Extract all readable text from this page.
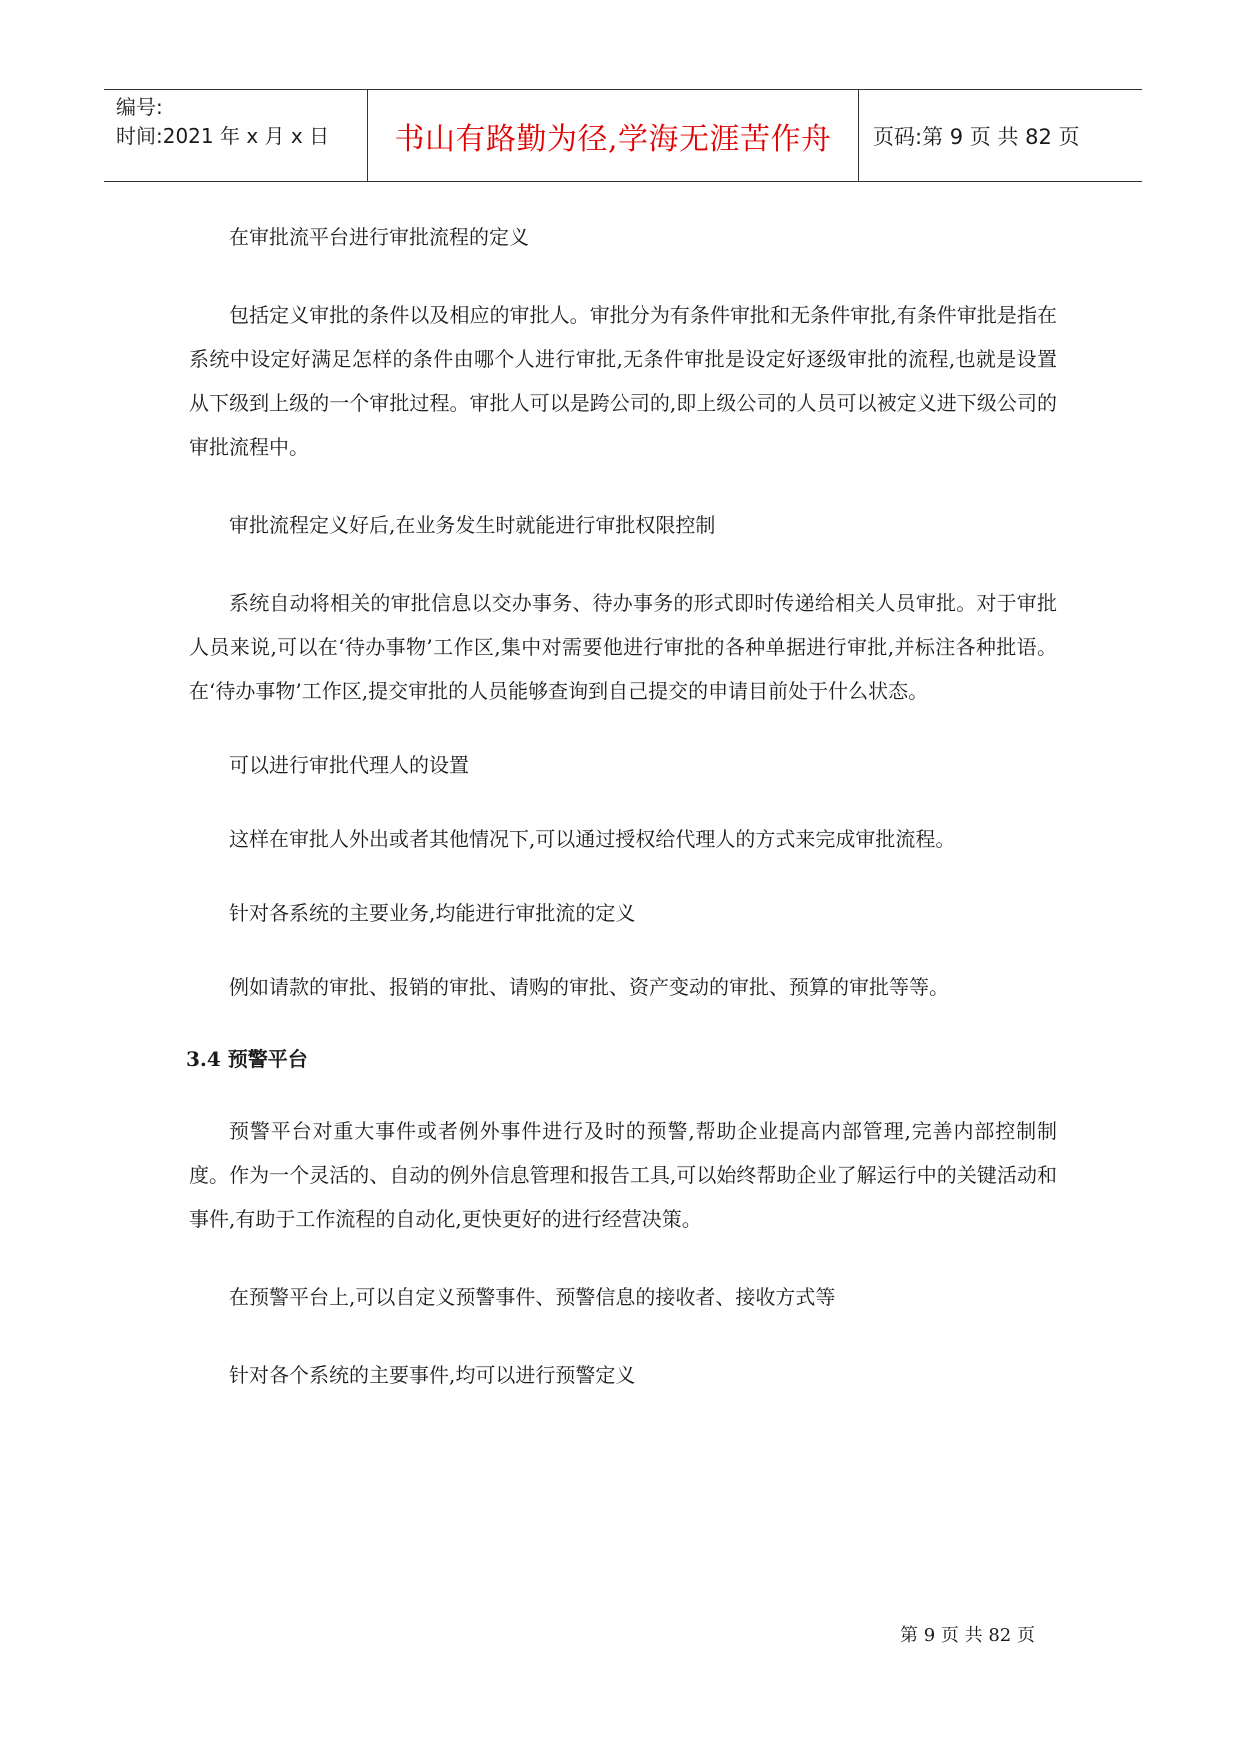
编号:
时间:2021 年 x 月 x 日	书山有路勤为径,学海无涯苦作舟 页码:第 9 页 共 82 页

在审批流平台进行审批流程的定义

包括定义审批的条件以及相应的审批人。审批分为有条件审批和无条件审批,有条件审批是指在系统中设定好满足怎样的条件由哪个人进行审批,无条件审批是设定好逐级审批的流程,也就是设置从下级到上级的一个审批过程。审批人可以是跨公司的,即上级公司的人员可以被定义进下级公司的审批流程中。

审批流程定义好后,在业务发生时就能进行审批权限控制

系统自动将相关的审批信息以交办事务、待办事务的形式即时传递给相关人员审批。对于审批人员来说,可以在‘待办事物’工作区,集中对需要他进行审批的各种单据进行审批,并标注各种批语。在‘待办事物’工作区,提交审批的人员能够查询到自己提交的申请目前处于什么状态。

可以进行审批代理人的设置

这样在审批人外出或者其他情况下,可以通过授权给代理人的方式来完成审批流程。

针对各系统的主要业务,均能进行审批流的定义

例如请款的审批、报销的审批、请购的审批、资产变动的审批、预算的审批等等。

3.4 预警平台

预警平台对重大事件或者例外事件进行及时的预警,帮助企业提高内部管理,完善内部控制制度。作为一个灵活的、自动的例外信息管理和报告工具,可以始终帮助企业了解运行中的关键活动和事件,有助于工作流程的自动化,更快更好的进行经营决策。

在预警平台上,可以自定义预警事件、预警信息的接收者、接收方式等

针对各个系统的主要事件,均可以进行预警定义

第 9 页 共 82 页
